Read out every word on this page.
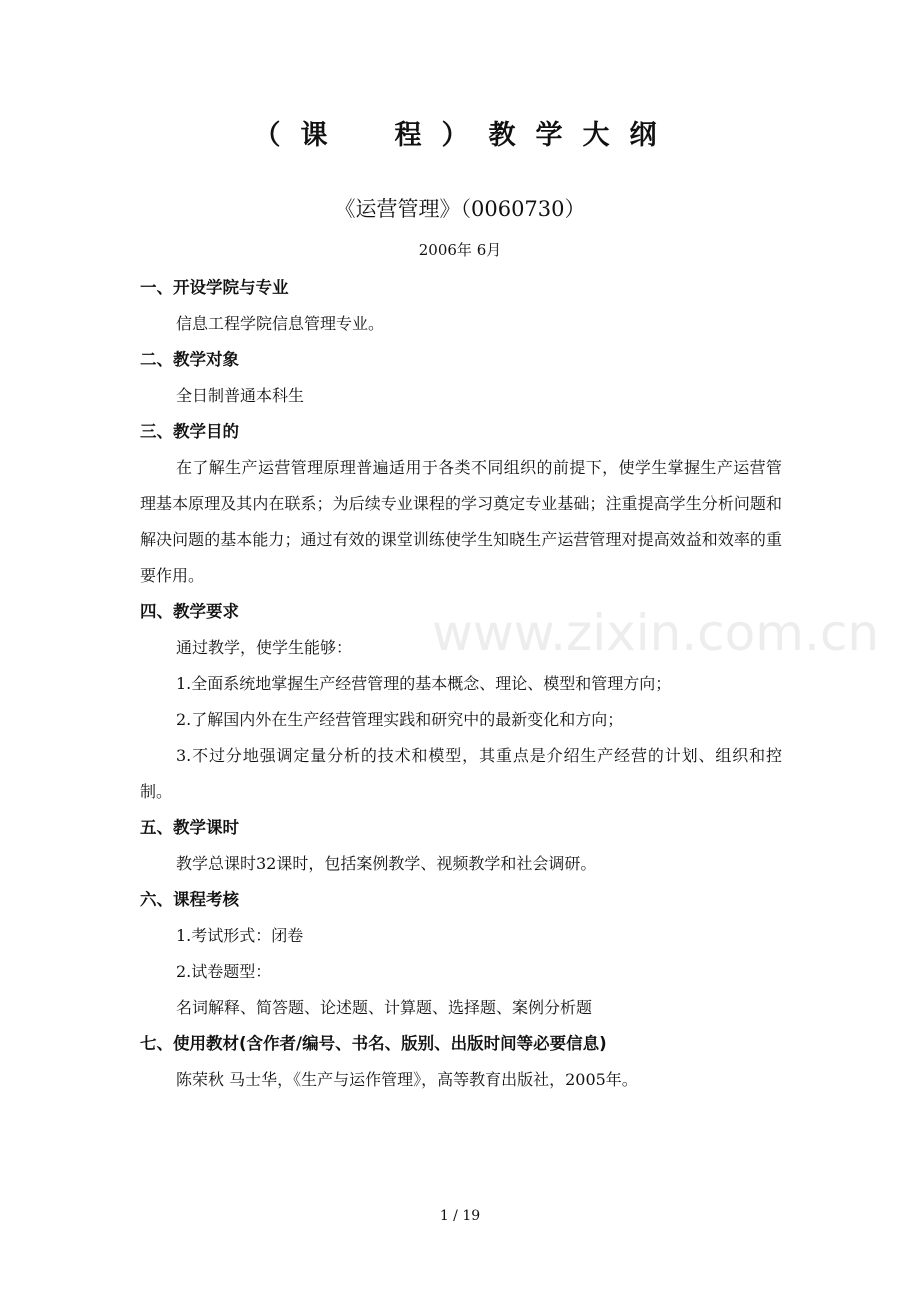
www.zixin.com.cn
（课　程）教学大纲
《运营管理》（0060730）
2006年 6月
一、开设学院与专业
信息工程学院信息管理专业。
二、教学对象
全日制普通本科生
三、教学目的
在了解生产运营管理原理普遍适用于各类不同组织的前提下，使学生掌握生产运营管理基本原理及其内在联系；为后续专业课程的学习奠定专业基础；注重提高学生分析问题和解决问题的基本能力；通过有效的课堂训练使学生知晓生产运营管理对提高效益和效率的重要作用。
四、教学要求
通过教学，使学生能够：
1.全面系统地掌握生产经营管理的基本概念、理论、模型和管理方向；
2.了解国内外在生产经营管理实践和研究中的最新变化和方向；
3.不过分地强调定量分析的技术和模型，其重点是介绍生产经营的计划、组织和控制。
五、教学课时
教学总课时32课时，包括案例教学、视频教学和社会调研。
六、课程考核
1.考试形式：闭卷
2.试卷题型：
名词解释、简答题、论述题、计算题、选择题、案例分析题
七、使用教材(含作者/编号、书名、版别、出版时间等必要信息)
陈荣秋 马士华，《生产与运作管理》，高等教育出版社，2005年。
1 / 19
